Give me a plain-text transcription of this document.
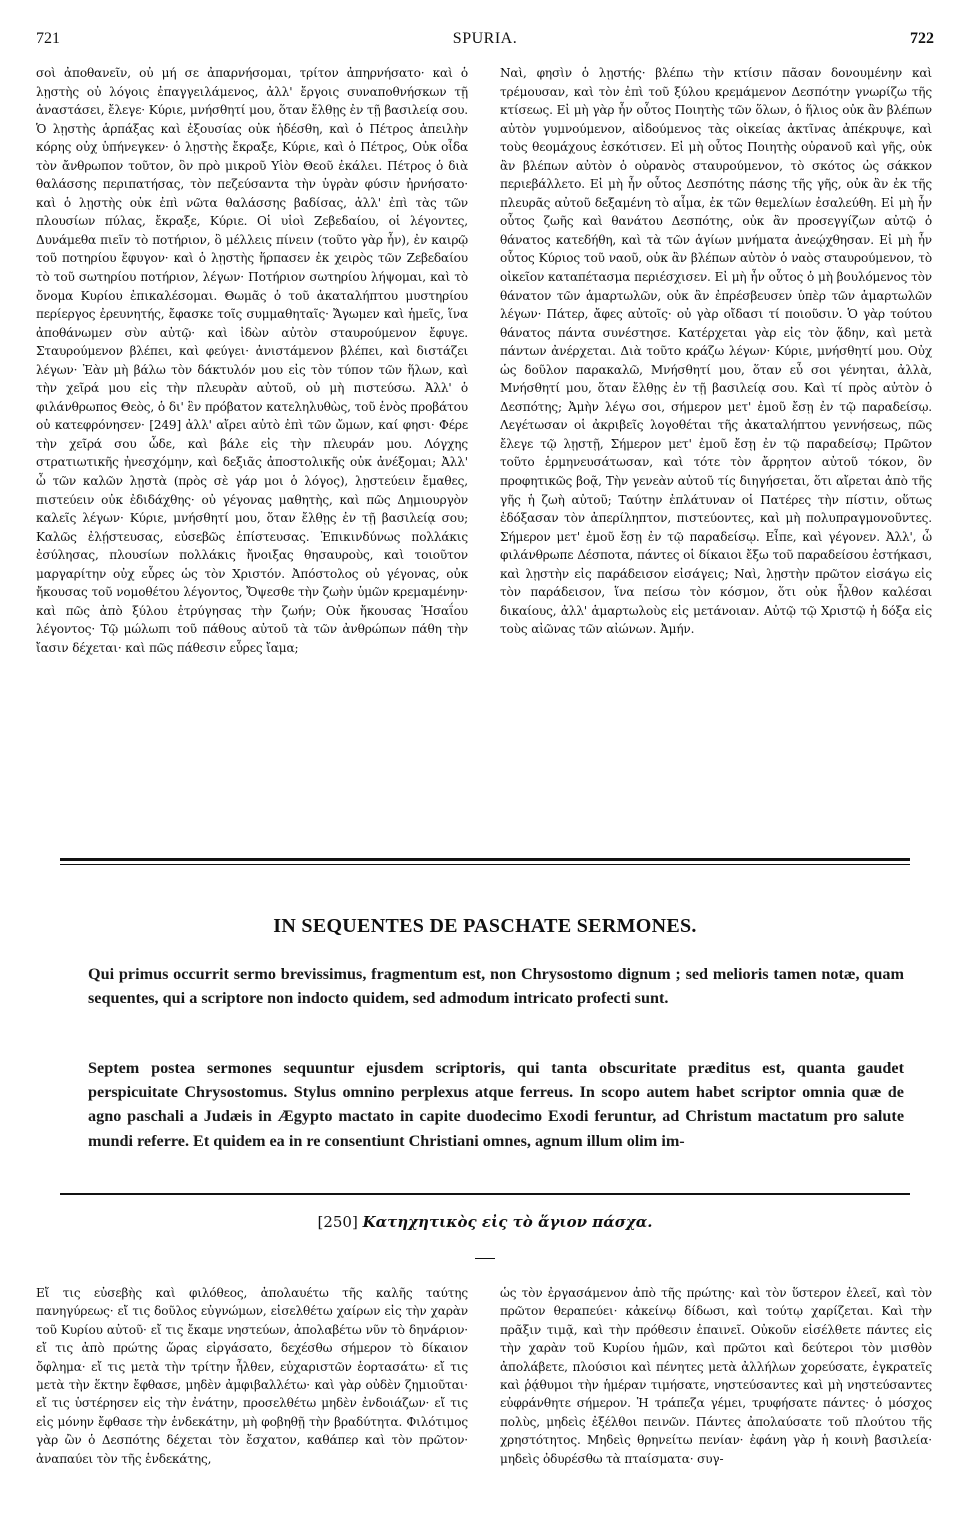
721	SPURIA.	722

σοὶ ἀποθανεῖν, οὐ μή σε ἀπαρνήσομαι, τρίτον ἀπηρνήσατο· καὶ ὁ λῃστὴς οὐ λόγοις ἐπαγγειλάμενος, ἀλλ' ἔργοις συναποθνήσκων τῇ ἀναστάσει, ἔλεγε· Κύριε, μνήσθητί μου, ὅταν ἔλθῃς ἐν τῇ βασιλείᾳ σου. Ὁ λῃστὴς ἁρπάξας καὶ ἐξουσίας οὐκ ἡδέσθη, καὶ ὁ Πέτρος ἀπειλὴν κόρης οὐχ ὑπήνεγκεν· ὁ λῃστὴς ἔκραξε, Κύριε, καὶ ὁ Πέτρος, Οὐκ οἶδα τὸν ἄνθρωπον τοῦτον, ὃν πρὸ μικροῦ Υἱὸν Θεοῦ ἐκάλει. Πέτρος ὁ διὰ θαλάσσης περιπατήσας, τὸν πεζεύσαντα τὴν ὑγρὰν φύσιν ἠρνήσατο· καὶ ὁ λῃστὴς οὐκ ἐπὶ νῶτα θαλάσσης βαδίσας, ἀλλ' ἐπὶ τὰς τῶν πλουσίων πύλας, ἔκραξε, Κύριε. Οἱ υἱοὶ Ζεβεδαίου, οἱ λέγοντες, Δυνάμεθα πιεῖν τὸ ποτήριον, ὃ μέλλεις πίνειν (τοῦτο γὰρ ἦν), ἐν καιρῷ τοῦ ποτηρίου ἔφυγον· καὶ ὁ λῃστὴς ἥρπασεν ἐκ χειρὸς τῶν Ζεβεδαίου τὸ τοῦ σωτηρίου ποτήριον, λέγων· Ποτήριον σωτηρίου λήψομαι, καὶ τὸ ὄνομα Κυρίου ἐπικαλέσομαι. Θωμᾶς ὁ τοῦ ἀκαταλήπτου μυστηρίου περίεργος ἐρευνητής, ἔφασκε τοῖς συμμαθηταῖς· Ἄγωμεν καὶ ἡμεῖς, ἵνα ἀποθάνωμεν σὺν αὐτῷ· καὶ ἰδὼν αὐτὸν σταυρούμενον ἔφυγε. Σταυρούμενον βλέπει, καὶ φεύγει· ἀνιστάμενον βλέπει, καὶ διστάζει λέγων· Ἐὰν μὴ βάλω τὸν δάκτυλόν μου εἰς τὸν τύπον τῶν ἥλων, καὶ τὴν χεῖρά μου εἰς τὴν πλευρὰν αὐτοῦ, οὐ μὴ πιστεύσω. Ἀλλ' ὁ φιλάνθρωπος Θεὸς, ὁ δι' ἓν πρόβατον κατεληλυθὼς, τοῦ ἑνὸς προβάτου οὐ κατεφρόνησεν· [249] ἀλλ' αἴρει αὐτὸ ἐπὶ τῶν ὤμων, καί φησι· Φέρε τὴν χεῖρά σου ὧδε, καὶ βάλε εἰς τὴν πλευράν μου. Λόγχης στρατιωτικῆς ἠνεσχόμην, καὶ δεξιᾶς ἀποστολικῆς οὐκ ἀνέξομαι; Ἀλλ' ὦ τῶν καλῶν λῃστὰ (πρὸς σὲ γάρ μοι ὁ λόγος), λῃστεύειν ἔμαθες, πιστεύειν οὐκ ἐδιδάχθης· οὐ γέγονας μαθητὴς, καὶ πῶς Δημιουργὸν καλεῖς λέγων· Κύριε, μνήσθητί μου, ὅταν ἔλθῃς ἐν τῇ βασιλείᾳ σου; Καλῶς ἐλῄστευσας, εὐσεβῶς ἐπίστευσας. Ἐπικινδύνως πολλάκις ἐσύλησας, πλουσίων πολλάκις ἤνοιξας θησαυροὺς, καὶ τοιοῦτον μαργαρίτην οὐχ εὗρες ὡς τὸν Χριστόν. Ἀπόστολος οὐ γέγονας, οὐκ ἤκουσας τοῦ νομοθέτου λέγοντος, Ὄψεσθε τὴν ζωὴν ὑμῶν κρεμαμένην· καὶ πῶς ἀπὸ ξύλου ἐτρύγησας τὴν ζωήν; Οὐκ ἤκουσας Ἡσαΐου λέγοντος· Τῷ μώλωπι τοῦ πάθους αὐτοῦ τὰ τῶν ἀνθρώπων πάθη τὴν ἴασιν δέχεται· καὶ πῶς πάθεσιν εὗρες ἴαμα;

Ναὶ, φησὶν ὁ λῃστής· βλέπω τὴν κτίσιν πᾶσαν δονουμένην καὶ τρέμουσαν, καὶ τὸν ἐπὶ τοῦ ξύλου κρεμάμενον Δεσπότην γνωρίζω τῆς κτίσεως. Εἰ μὴ γὰρ ἦν οὗτος Ποιητὴς τῶν ὅλων, ὁ ἥλιος οὐκ ἂν βλέπων αὐτὸν γυμνούμενον, αἰδούμενος τὰς οἰκείας ἀκτῖνας ἀπέκρυψε, καὶ τοὺς θεομάχους ἐσκότισεν. Εἰ μὴ οὗτος Ποιητὴς οὐρανοῦ καὶ γῆς, οὐκ ἂν βλέπων αὐτὸν ὁ οὐρανὸς σταυρούμενον, τὸ σκότος ὡς σάκκον περιεβάλλετο. Εἰ μὴ ἦν οὗτος Δεσπότης πάσης τῆς γῆς, οὐκ ἂν ἐκ τῆς πλευρᾶς αὐτοῦ δεξαμένη τὸ αἷμα, ἐκ τῶν θεμελίων ἐσαλεύθη. Εἰ μὴ ἦν οὗτος ζωῆς καὶ θανάτου Δεσπότης, οὐκ ἂν προσεγγίζων αὐτῷ ὁ θάνατος κατεδήθη, καὶ τὰ τῶν ἁγίων μνήματα ἀνεῴχθησαν. Εἰ μὴ ἦν οὗτος Κύριος τοῦ ναοῦ, οὐκ ἂν βλέπων αὐτὸν ὁ ναὸς σταυρούμενον, τὸ οἰκεῖον καταπέτασμα περιέσχισεν. Εἰ μὴ ἦν οὗτος ὁ μὴ βουλόμενος τὸν θάνατον τῶν ἁμαρτωλῶν, οὐκ ἂν ἐπρέσβευσεν ὑπὲρ τῶν ἁμαρτωλῶν λέγων· Πάτερ, ἄφες αὐτοῖς· οὐ γὰρ οἴδασι τί ποιοῦσιν. Ὁ γὰρ τούτου θάνατος πάντα συνέστησε. Κατέρχεται γὰρ εἰς τὸν ᾅδην, καὶ μετὰ πάντων ἀνέρχεται. Διὰ τοῦτο κράζω λέγων· Κύριε, μνήσθητί μου. Οὐχ ὡς δοῦλον παρακαλῶ, Μνήσθητί μου, ὅταν εὖ σοι γένηται, ἀλλὰ, Μνήσθητί μου, ὅταν ἔλθῃς ἐν τῇ βασιλείᾳ σου. Καὶ τί πρὸς αὐτὸν ὁ Δεσπότης; Ἀμὴν λέγω σοι, σήμερον μετ' ἐμοῦ ἔσῃ ἐν τῷ παραδείσῳ. Λεγέτωσαν οἱ ἀκριβεῖς λογοθέται τῆς ἀκαταλήπτου γεννήσεως, πῶς ἔλεγε τῷ λῃστῇ, Σήμερον μετ' ἐμοῦ ἔσῃ ἐν τῷ παραδείσῳ; Πρῶτον τοῦτο ἑρμηνευσάτωσαν, καὶ τότε τὸν ἄρρητον αὐτοῦ τόκον, ὃν προφητικῶς βοᾷ, Τὴν γενεὰν αὐτοῦ τίς διηγήσεται, ὅτι αἴρεται ἀπὸ τῆς γῆς ἡ ζωὴ αὐτοῦ; Ταύτην ἐπλάτυναν οἱ Πατέρες τὴν πίστιν, οὕτως ἐδόξασαν τὸν ἀπερίληπτον, πιστεύοντες, καὶ μὴ πολυπραγμονοῦντες. Σήμερον μετ' ἐμοῦ ἔσῃ ἐν τῷ παραδείσῳ. Εἶπε, καὶ γέγονεν. Ἀλλ', ὦ φιλάνθρωπε Δέσποτα, πάντες οἱ δίκαιοι ἔξω τοῦ παραδείσου ἑστήκασι, καὶ λῃστὴν εἰς παράδεισον εἰσάγεις; Ναὶ, λῃστὴν πρῶτον εἰσάγω εἰς τὸν παράδεισον, ἵνα πείσω τὸν κόσμον, ὅτι οὐκ ἦλθον καλέσαι δικαίους, ἀλλ' ἁμαρτωλοὺς εἰς μετάνοιαν. Αὐτῷ τῷ Χριστῷ ἡ δόξα εἰς τοὺς αἰῶνας τῶν αἰώνων. Ἀμήν.

IN SEQUENTES DE PASCHATE SERMONES.

Qui primus occurrit sermo brevissimus, fragmentum est, non Chrysostomo dignum ; sed melioris tamen notæ, quam sequentes, qui a scriptore non indocto quidem, sed admodum intricato profecti sunt.

Septem postea sermones sequuntur ejusdem scriptoris, qui tanta obscuritate præditus est, quanta gaudet perspicuitate Chrysostomus. Stylus omnino perplexus atque ferreus. In scopo autem habet scriptor omnia quæ de agno paschali a Judæis in Ægypto mactato in capite duodecimo Exodi feruntur, ad Christum mactatum pro salute mundi referre. Et quidem ea in re consentiunt Christiani omnes, agnum illum olim im-

[250] Κατηχητικὸς εἰς τὸ ἅγιον πάσχα.

Εἴ τις εὐσεβὴς καὶ φιλόθεος, ἀπολαυέτω τῆς καλῆς ταύτης πανηγύρεως· εἴ τις δοῦλος εὐγνώμων, εἰσελθέτω χαίρων εἰς τὴν χαρὰν τοῦ Κυρίου αὐτοῦ· εἴ τις ἔκαμε νηστεύων, ἀπολαβέτω νῦν τὸ δηνάριον· εἴ τις ἀπὸ πρώτης ὥρας εἰργάσατο, δεχέσθω σήμερον τὸ δίκαιον ὄφλημα· εἴ τις μετὰ τὴν τρίτην ἦλθεν, εὐχαριστῶν ἑορτασάτω· εἴ τις μετὰ τὴν ἕκτην ἔφθασε, μηδὲν ἀμφιβαλλέτω· καὶ γὰρ οὐδὲν ζημιοῦται· εἴ τις ὑστέρησεν εἰς τὴν ἐνάτην, προσελθέτω μηδὲν ἐνδοιάζων· εἴ τις εἰς μόνην ἔφθασε τὴν ἑνδεκάτην, μὴ φοβηθῇ τὴν βραδύτητα. Φιλότιμος γὰρ ὢν ὁ Δεσπότης δέχεται τὸν ἔσχατον, καθάπερ καὶ τὸν πρῶτον· ἀναπαύει τὸν τῆς ἑνδεκάτης,

ὡς τὸν ἐργασάμενον ἀπὸ τῆς πρώτης· καὶ τὸν ὕστερον ἐλεεῖ, καὶ τὸν πρῶτον θεραπεύει· κἀκείνῳ δίδωσι, καὶ τούτῳ χαρίζεται. Καὶ τὴν πρᾶξιν τιμᾷ, καὶ τὴν πρόθεσιν ἐπαινεῖ. Οὐκοῦν εἰσέλθετε πάντες εἰς τὴν χαρὰν τοῦ Κυρίου ἡμῶν, καὶ πρῶτοι καὶ δεύτεροι τὸν μισθὸν ἀπολάβετε, πλούσιοι καὶ πένητες μετὰ ἀλλήλων χορεύσατε, ἐγκρατεῖς καὶ ῥᾴθυμοι τὴν ἡμέραν τιμήσατε, νηστεύσαντες καὶ μὴ νηστεύσαντες εὐφράνθητε σήμερον. Ἡ τράπεζα γέμει, τρυφήσατε πάντες· ὁ μόσχος πολὺς, μηδεὶς ἐξέλθοι πεινῶν. Πάντες ἀπολαύσατε τοῦ πλούτου τῆς χρηστότητος. Μηδεὶς θρηνείτω πενίαν· ἐφάνη γὰρ ἡ κοινὴ βασιλεία· μηδεὶς ὀδυρέσθω τὰ πταίσματα· συγ-
